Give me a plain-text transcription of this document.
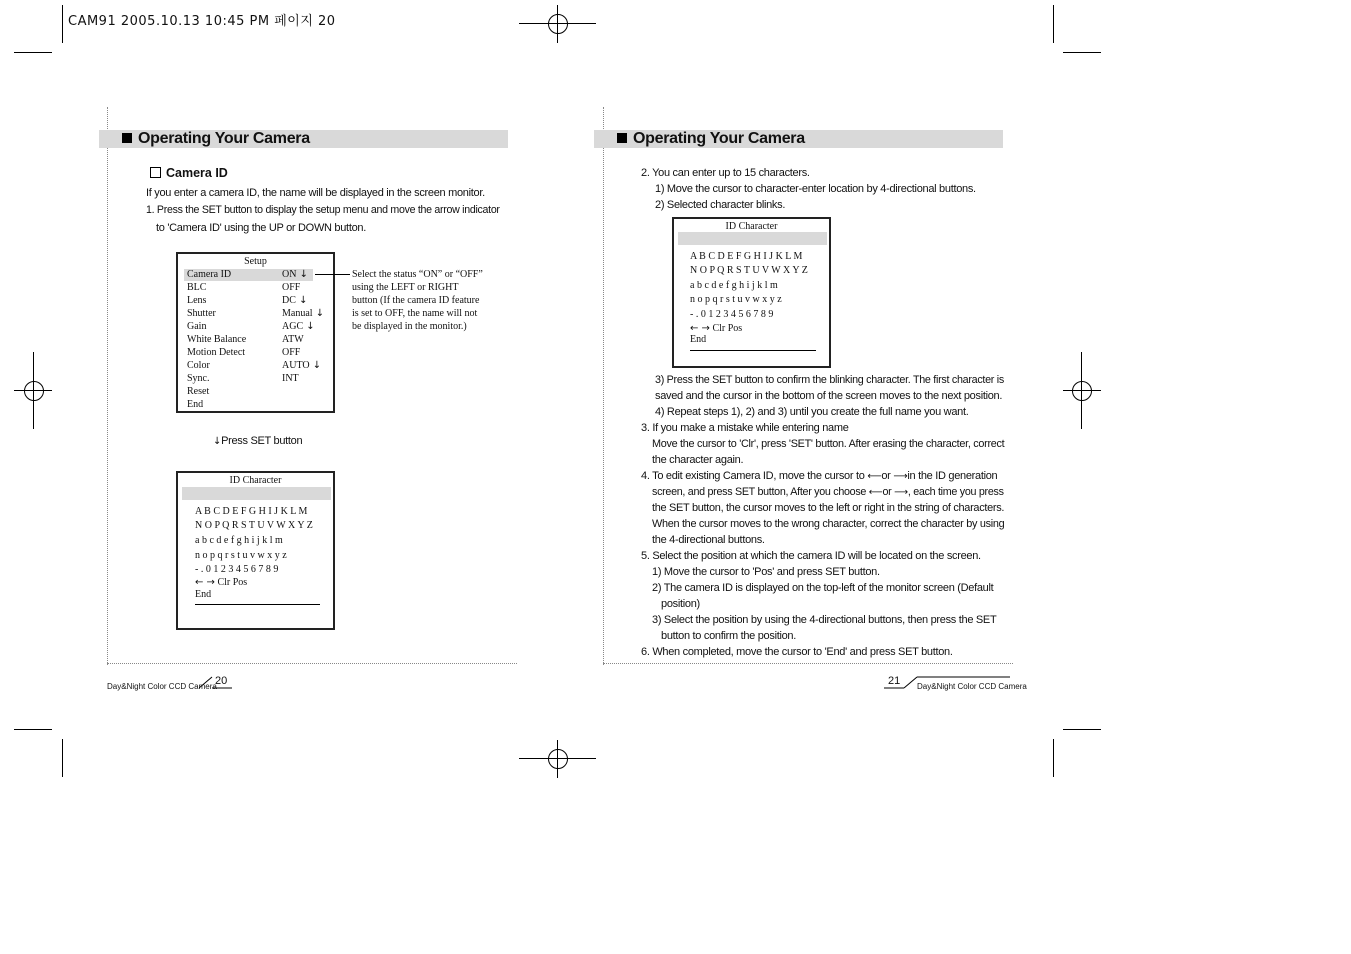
CAM91 2005.10.13 10:45 PM 페이지 20
Operating Your Camera
Camera ID
If you enter a camera ID, the name will be displayed in the screen monitor.
1. Press the SET button to display the setup menu and move the arrow indicator
to 'Camera ID' using the UP or DOWN button.
Setup
Camera ID	ON ↓
BLC	OFF
Lens	DC ↓
Shutter	Manual ↓
Gain	AGC ↓
White Balance	ATW
Motion Detect	OFF
Color	AUTO ↓
Sync.	INT
Reset
End
Select the status “ON” or “OFF”
using the LEFT or RIGHT
button (If the camera ID feature
is set to OFF, the name will not
be displayed in the monitor.)
↓Press SET button
ID Character
A B C D E F G H I J K L M
N O P Q R S T U V W X Y Z
a b c d e f g h i j k l m
n o p q r s t u v w x y z
- . 0 1 2 3 4 5 6 7 8 9
← → Clr Pos
End
Day&Night Color CCD Camera
20
Operating Your Camera
2. You can enter up to 15 characters.
1) Move the cursor to character-enter location by 4-directional buttons.
2) Selected character blinks.
ID Character
A B C D E F G H I J K L M
N O P Q R S T U V W X Y Z
a b c d e f g h i j k l m
n o p q r s t u v w x y z
- . 0 1 2 3 4 5 6 7 8 9
← → Clr Pos
End
3) Press the SET button to confirm the blinking character. The first character is
saved and the cursor in the bottom of the screen moves to the next position.
4) Repeat steps 1), 2) and 3) until you create the full name you want.
3. If you make a mistake while entering name
Move the cursor to 'Clr', press 'SET' button. After erasing the character, correct
the character again.
4. To edit existing Camera ID, move the cursor to ⟵or ⟶in the ID generation
screen, and press SET button, After you choose ⟵or ⟶, each time you press
the SET button, the cursor moves to the left or right in the string of characters.
When the cursor moves to the wrong character, correct the character by using
the 4-directional buttons.
5. Select the position at which the camera ID will be located on the screen.
1) Move the cursor to 'Pos' and press SET button.
2) The camera ID is displayed on the top-left of the monitor screen (Default
position)
3) Select the position by using the 4-directional buttons, then press the SET
button to confirm the position.
6. When completed, move the cursor to 'End' and press SET button.
21 Day&Night Color CCD Camera
